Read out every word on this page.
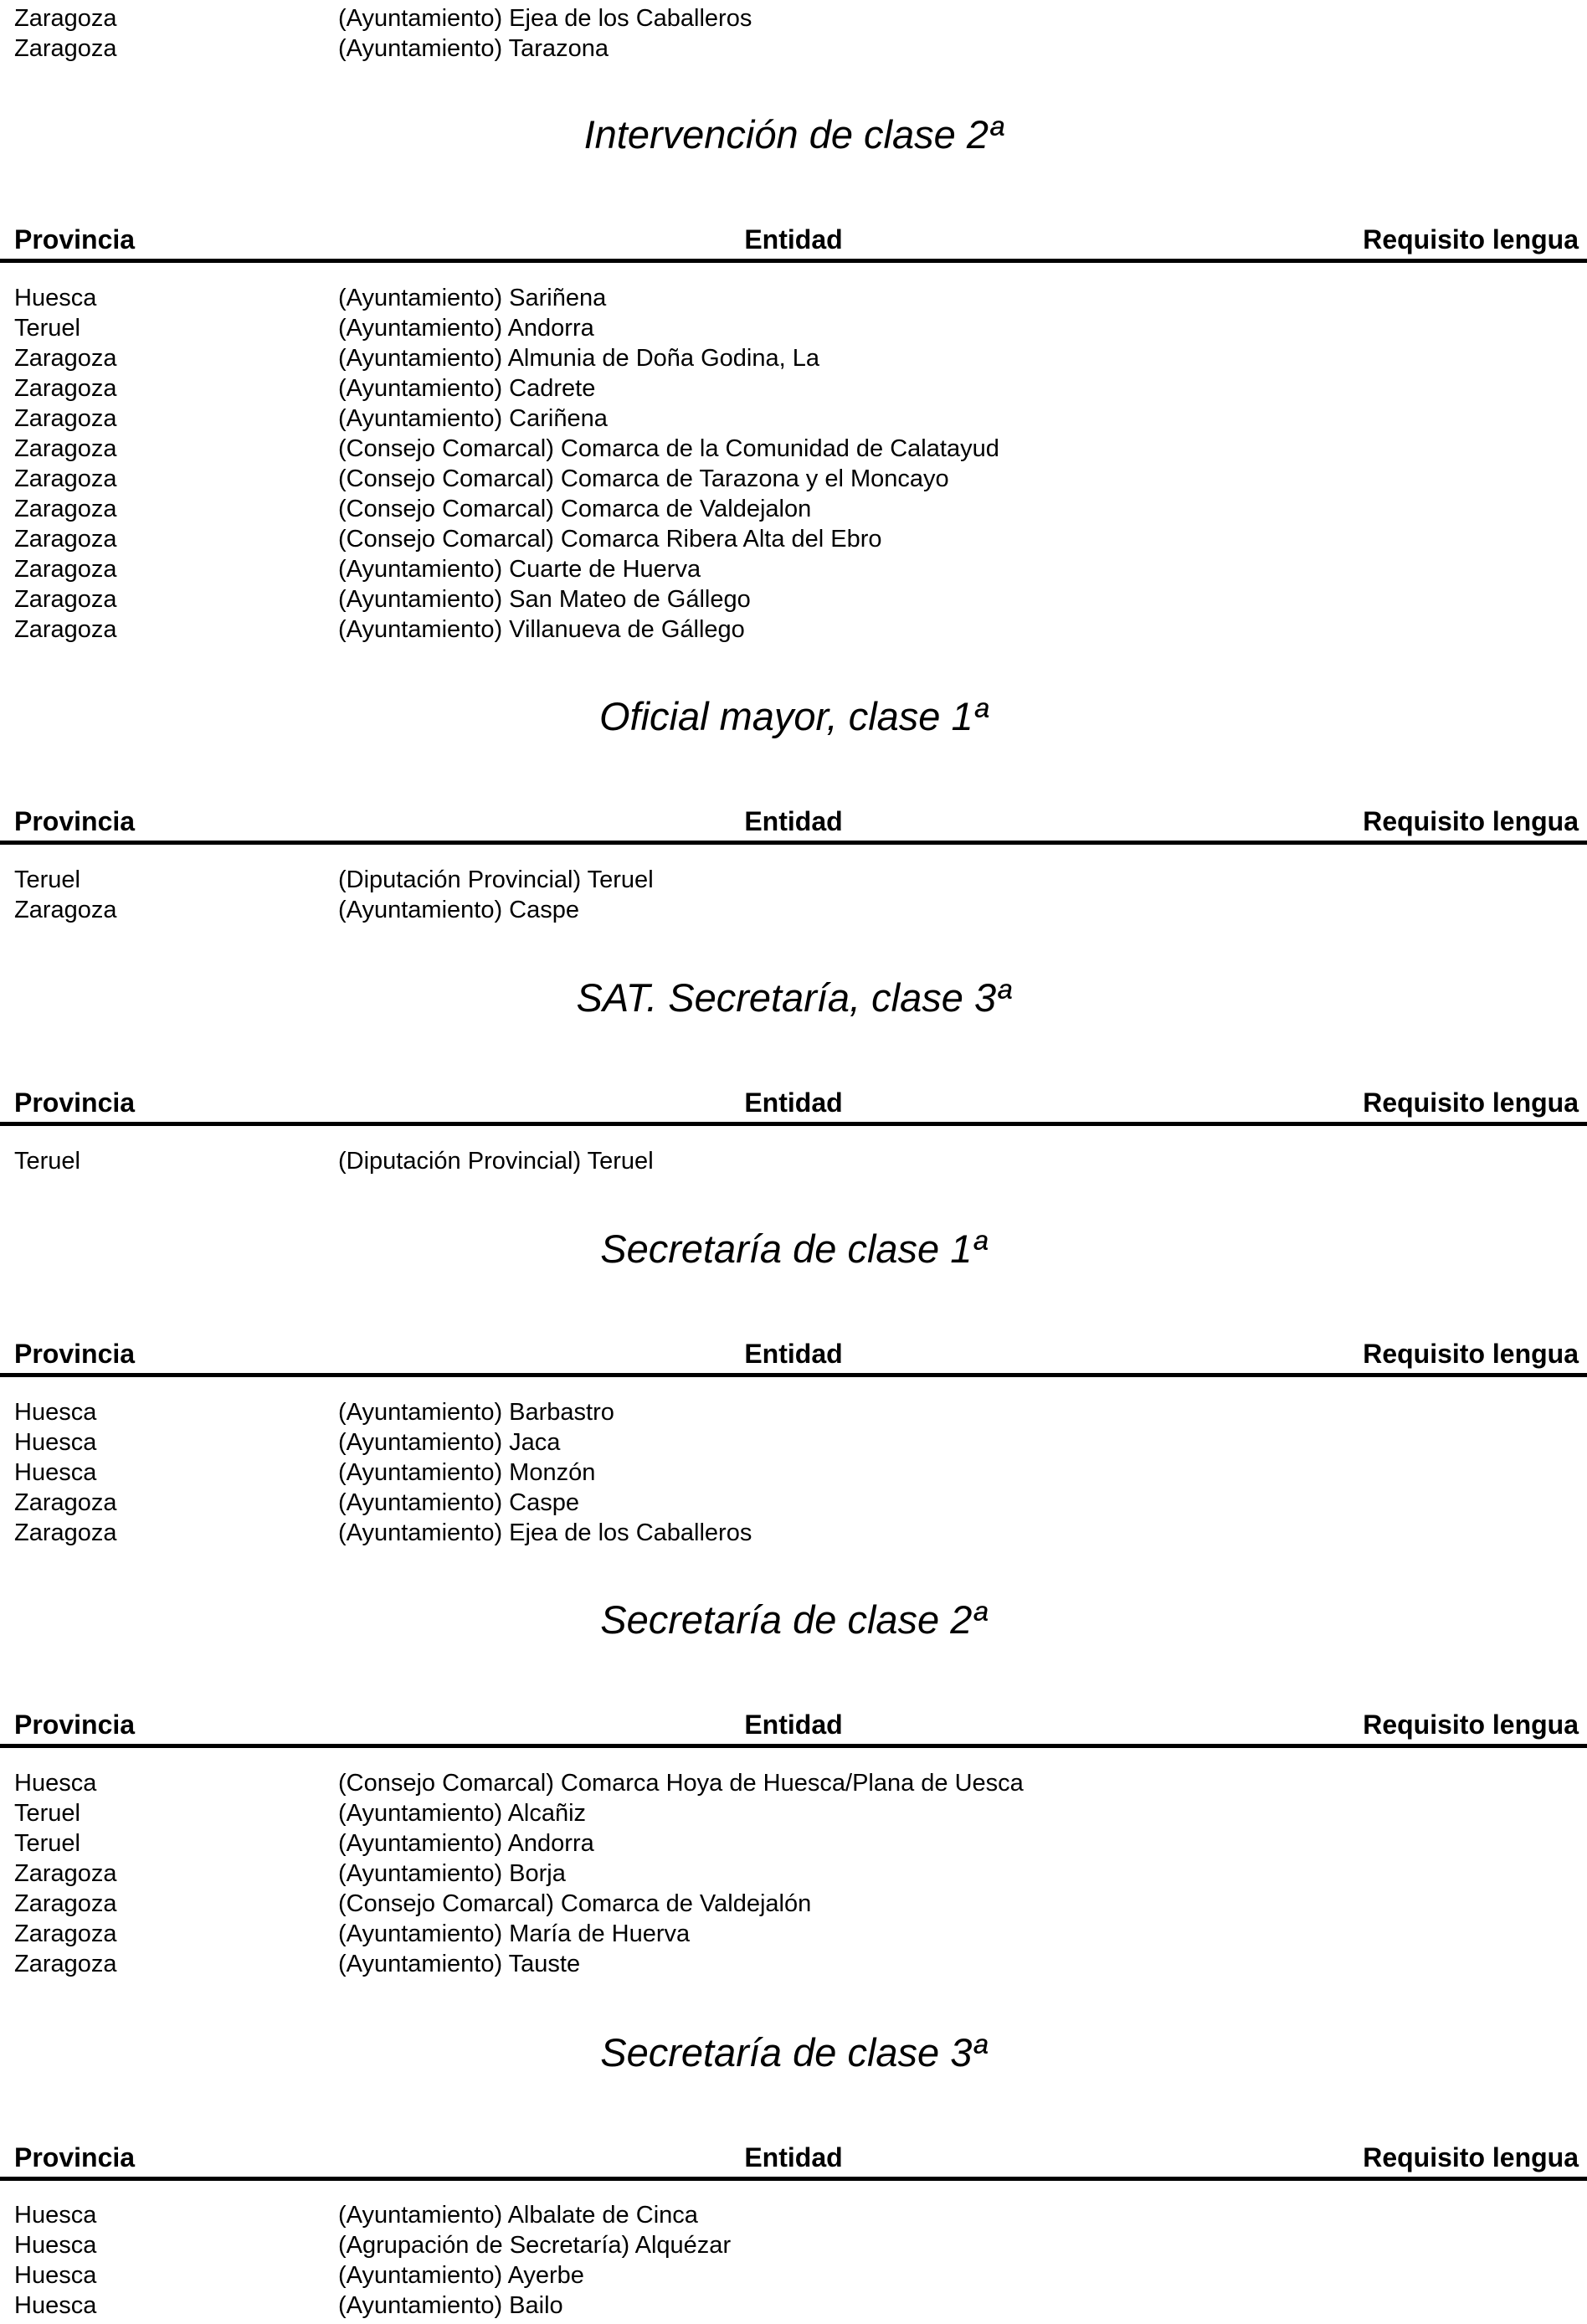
Zaragoza	(Ayuntamiento) Ejea de los Caballeros
Zaragoza	(Ayuntamiento) Tarazona
Intervención de clase 2ª
Provincia	Entidad	Requisito lengua
Huesca	(Ayuntamiento) Sariñena
Teruel	(Ayuntamiento) Andorra
Zaragoza	(Ayuntamiento) Almunia de Doña Godina, La
Zaragoza	(Ayuntamiento) Cadrete
Zaragoza	(Ayuntamiento) Cariñena
Zaragoza	(Consejo Comarcal) Comarca de la Comunidad de Calatayud
Zaragoza	(Consejo Comarcal) Comarca de Tarazona y el Moncayo
Zaragoza	(Consejo Comarcal) Comarca de Valdejalon
Zaragoza	(Consejo Comarcal) Comarca Ribera Alta del Ebro
Zaragoza	(Ayuntamiento) Cuarte de Huerva
Zaragoza	(Ayuntamiento) San Mateo de Gállego
Zaragoza	(Ayuntamiento) Villanueva de Gállego
Oficial mayor, clase 1ª
Provincia	Entidad	Requisito lengua
Teruel	(Diputación Provincial) Teruel
Zaragoza	(Ayuntamiento) Caspe
SAT. Secretaría, clase 3ª
Provincia	Entidad	Requisito lengua
Teruel	(Diputación Provincial) Teruel
Secretaría de clase 1ª
Provincia	Entidad	Requisito lengua
Huesca	(Ayuntamiento) Barbastro
Huesca	(Ayuntamiento) Jaca
Huesca	(Ayuntamiento) Monzón
Zaragoza	(Ayuntamiento) Caspe
Zaragoza	(Ayuntamiento) Ejea de los Caballeros
Secretaría de clase 2ª
Provincia	Entidad	Requisito lengua
Huesca	(Consejo Comarcal) Comarca Hoya de Huesca/Plana de Uesca
Teruel	(Ayuntamiento) Alcañiz
Teruel	(Ayuntamiento) Andorra
Zaragoza	(Ayuntamiento) Borja
Zaragoza	(Consejo Comarcal) Comarca de Valdejalón
Zaragoza	(Ayuntamiento) María de Huerva
Zaragoza	(Ayuntamiento) Tauste
Secretaría de clase 3ª
Provincia	Entidad	Requisito lengua
Huesca	(Ayuntamiento) Albalate de Cinca
Huesca	(Agrupación de Secretaría) Alquézar
Huesca	(Ayuntamiento) Ayerbe
Huesca	(Ayuntamiento) Bailo
